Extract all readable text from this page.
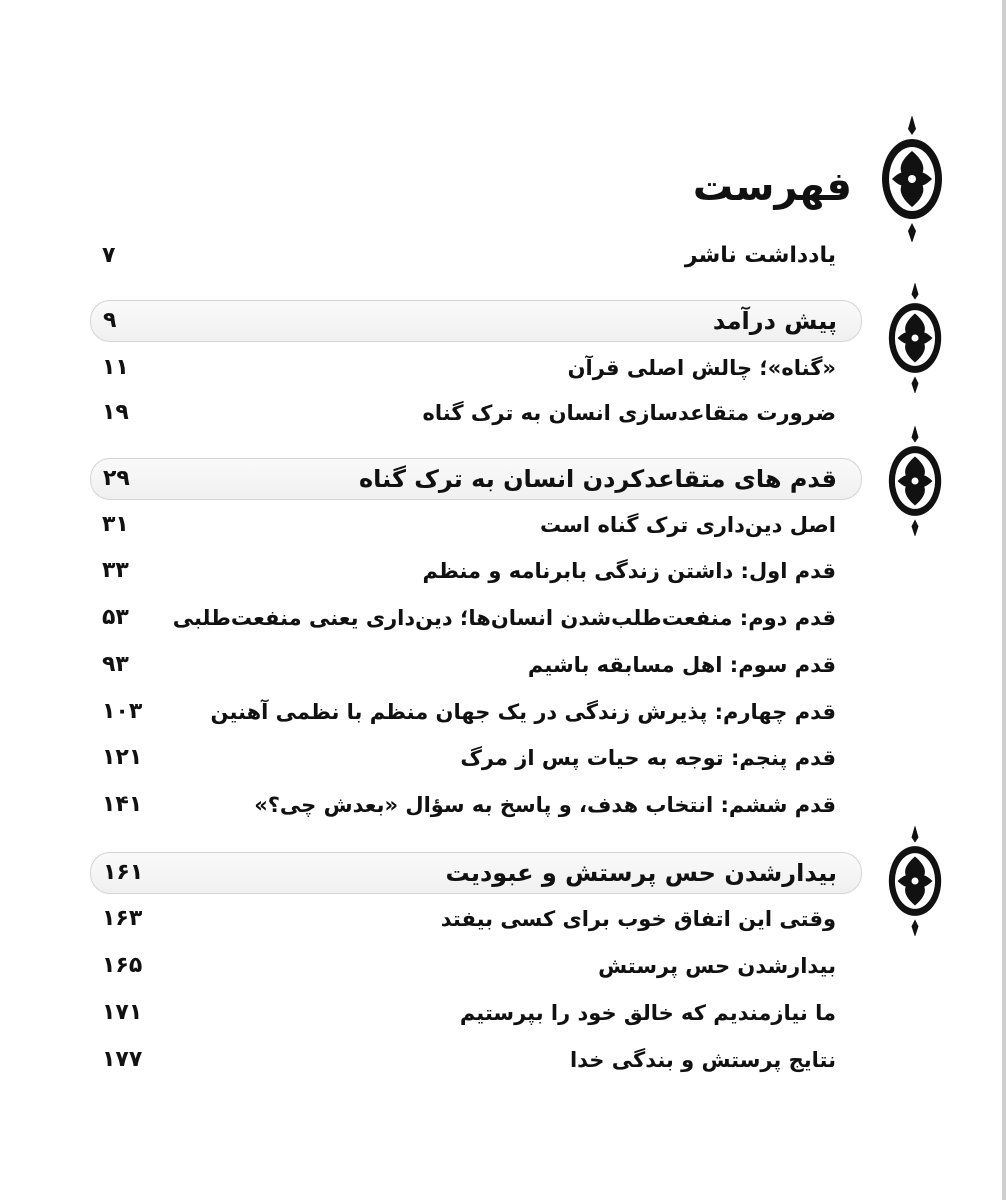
فهرست
یادداشت ناشر
۷
پیش درآمد
۹
«گناه»؛ چالش اصلی قرآن
۱۱
ضرورت متقاعدسازی انسان به ترک گناه
۱۹
قدم های متقاعدکردن انسان به ترک گناه
۲۹
اصل دین‌داری ترک گناه است
۳۱
قدم اول: داشتن زندگی بابرنامه و منظم
۳۳
قدم دوم: منفعت‌طلب‌شدن انسان‌ها؛ دین‌داری یعنی منفعت‌طلبی
۵۳
قدم سوم: اهل مسابقه باشیم
۹۳
قدم چهارم: پذیرش زندگی در یک جهان منظم با نظمی آهنین
۱۰۳
قدم پنجم: توجه به حیات پس از مرگ
۱۲۱
قدم ششم: انتخاب هدف، و پاسخ به سؤال «بعدش چی؟»
۱۴۱
بیدارشدن حس پرستش و عبودیت
۱۶۱
وقتی این اتفاق خوب برای کسی بیفتد
۱۶۳
بیدارشدن حس پرستش
۱۶۵
ما نیازمندیم که خالق خود را بپرستیم
۱۷۱
نتایج پرستش و بندگی خدا
۱۷۷
